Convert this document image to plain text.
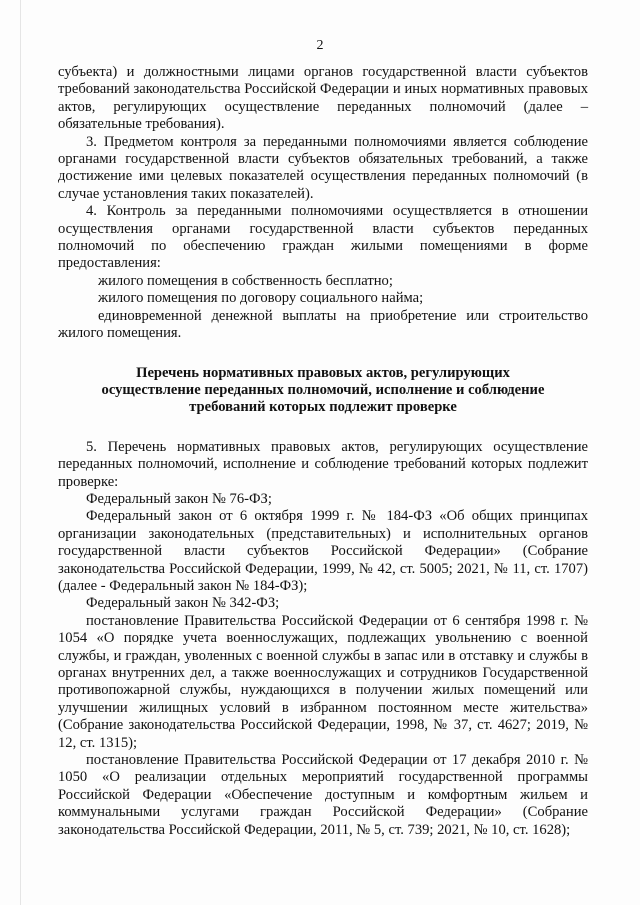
2

субъекта) и должностными лицами органов государственной власти субъектов требований законодательства Российской Федерации и иных нормативных правовых актов, регулирующих осуществление переданных полномочий (далее – обязательные требования).

3. Предметом контроля за переданными полномочиями является соблюдение органами государственной власти субъектов обязательных требований, а также достижение ими целевых показателей осуществления переданных полномочий (в случае установления таких показателей).

4. Контроль за переданными полномочиями осуществляется в отношении осуществления органами государственной власти субъектов переданных полномочий по обеспечению граждан жилыми помещениями в форме предоставления:

жилого помещения в собственность бесплатно;

жилого помещения по договору социального найма;

единовременной денежной выплаты на приобретение или строительство жилого помещения.

Перечень нормативных правовых актов, регулирующих осуществление переданных полномочий, исполнение и соблюдение требований которых подлежит проверке

5. Перечень нормативных правовых актов, регулирующих осуществление переданных полномочий, исполнение и соблюдение требований которых подлежит проверке:

Федеральный закон № 76-ФЗ;

Федеральный закон от 6 октября 1999 г. № 184-ФЗ «Об общих принципах организации законодательных (представительных) и исполнительных органов государственной власти субъектов Российской Федерации» (Собрание законодательства Российской Федерации, 1999, № 42, ст. 5005; 2021, № 11, ст. 1707) (далее - Федеральный закон № 184-ФЗ);

Федеральный закон № 342-ФЗ;

постановление Правительства Российской Федерации от 6 сентября 1998 г. № 1054 «О порядке учета военнослужащих, подлежащих увольнению с военной службы, и граждан, уволенных с военной службы в запас или в отставку и службы в органах внутренних дел, а также военнослужащих и сотрудников Государственной противопожарной службы, нуждающихся в получении жилых помещений или улучшении жилищных условий в избранном постоянном месте жительства» (Собрание законодательства Российской Федерации, 1998, № 37, ст. 4627; 2019, № 12, ст. 1315);

постановление Правительства Российской Федерации от 17 декабря 2010 г. № 1050 «О реализации отдельных мероприятий государственной программы Российской Федерации «Обеспечение доступным и комфортным жильем и коммунальными услугами граждан Российской Федерации» (Собрание законодательства Российской Федерации, 2011, № 5, ст. 739; 2021, № 10, ст. 1628);
